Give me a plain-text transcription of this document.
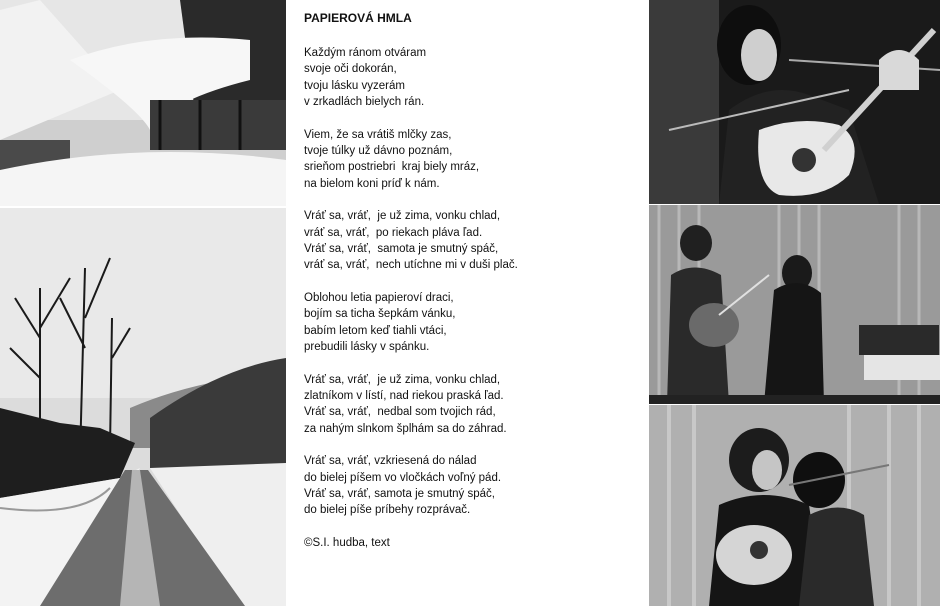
PAPIEROVÁ HMLA
Každým ránom otváram
svoje oči dokorán,
tvoju lásku vyzerám
v zrkadlách bielych rán.
Viem, že sa vrátiš mlčky zas,
tvoje túlky už dávno poznám,
srieňom postriebri  kraj biely mráz,
na bielom koni príď k nám.
Vráť sa, vráť,  je už zima, vonku chlad,
vráť sa, vráť,  po riekach pláva ľad.
Vráť sa, vráť,  samota je smutný spáč,
vráť sa, vráť,  nech utíchne mi v duši plač.
Oblohou letia papieroví draci,
bojím sa ticha šepkám vánku,
babím letom keď tiahli vtáci,
prebudili lásky v spánku.
Vráť sa, vráť,  je už zima, vonku chlad,
zlatníkom v lístí, nad riekou praská ľad.
Vráť sa, vráť,  nedbal som tvojich rád,
za nahým slnkom šplhám sa do záhrad.
Vráť sa, vráť, vzkriesená do nálad
do bielej píšem vo vločkách voľný pád.
Vráť sa, vráť, samota je smutný spáč,
do bielej píše príbehy rozprávač.
©S.I. hudba, text
